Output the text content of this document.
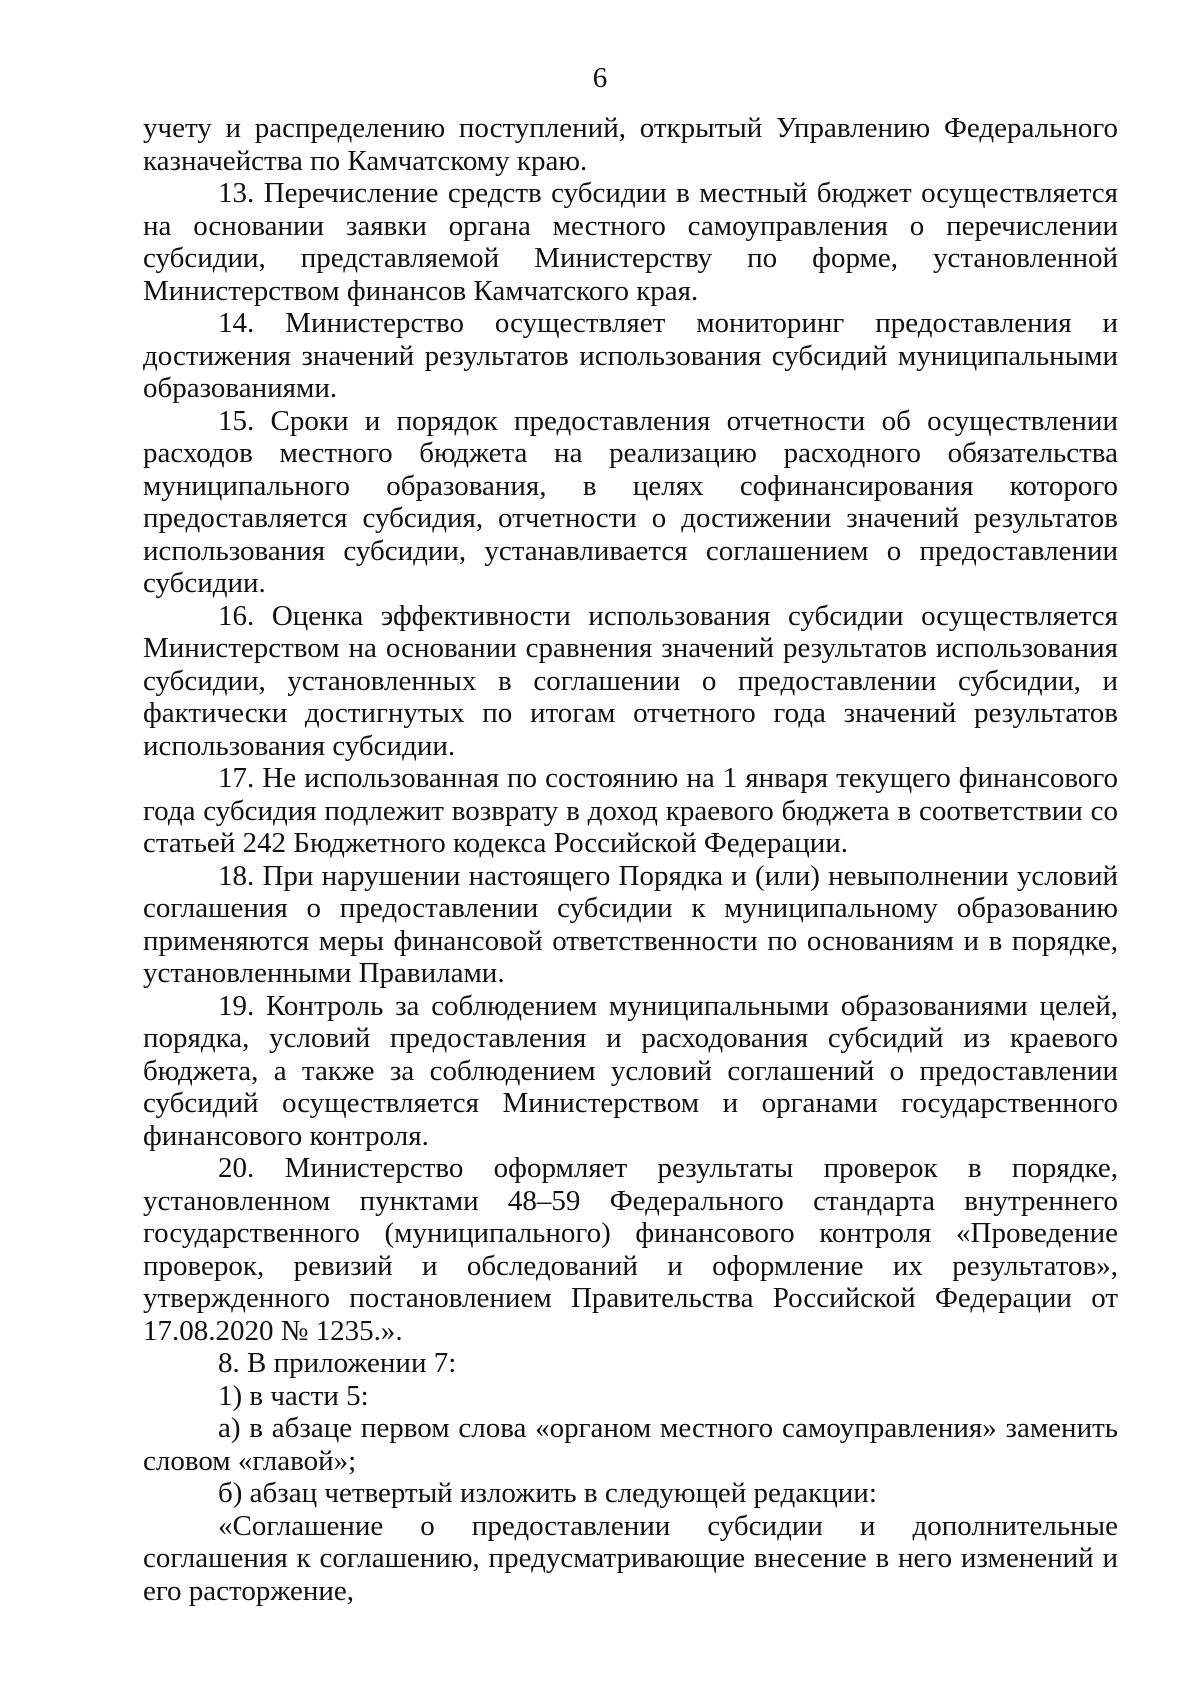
6

учету и распределению поступлений, открытый Управлению Федерального казначейства по Камчатскому краю.

13. Перечисление средств субсидии в местный бюджет осуществляется на основании заявки органа местного самоуправления о перечислении субсидии, представляемой Министерству по форме, установленной Министерством финансов Камчатского края.

14. Министерство осуществляет мониторинг предоставления и достижения значений результатов использования субсидий муниципальными образованиями.

15. Сроки и порядок предоставления отчетности об осуществлении расходов местного бюджета на реализацию расходного обязательства муниципального образования, в целях софинансирования которого предоставляется субсидия, отчетности о достижении значений результатов использования субсидии, устанавливается соглашением о предоставлении субсидии.

16. Оценка эффективности использования субсидии осуществляется Министерством на основании сравнения значений результатов использования субсидии, установленных в соглашении о предоставлении субсидии, и фактически достигнутых по итогам отчетного года значений результатов использования субсидии.

17. Не использованная по состоянию на 1 января текущего финансового года субсидия подлежит возврату в доход краевого бюджета в соответствии со статьей 242 Бюджетного кодекса Российской Федерации.

18. При нарушении настоящего Порядка и (или) невыполнении условий соглашения о предоставлении субсидии к муниципальному образованию применяются меры финансовой ответственности по основаниям и в порядке, установленными Правилами.

19. Контроль за соблюдением муниципальными образованиями целей, порядка, условий предоставления и расходования субсидий из краевого бюджета, а также за соблюдением условий соглашений о предоставлении субсидий осуществляется Министерством и органами государственного финансового контроля.

20. Министерство оформляет результаты проверок в порядке, установленном пунктами 48–59 Федерального стандарта внутреннего государственного (муниципального) финансового контроля «Проведение проверок, ревизий и обследований и оформление их результатов», утвержденного постановлением Правительства Российской Федерации от 17.08.2020 № 1235.».

8. В приложении 7:

1) в части 5:

а) в абзаце первом слова «органом местного самоуправления» заменить словом «главой»;

б) абзац четвертый изложить в следующей редакции:

«Соглашение о предоставлении субсидии и дополнительные соглашения к соглашению, предусматривающие внесение в него изменений и его расторжение,
